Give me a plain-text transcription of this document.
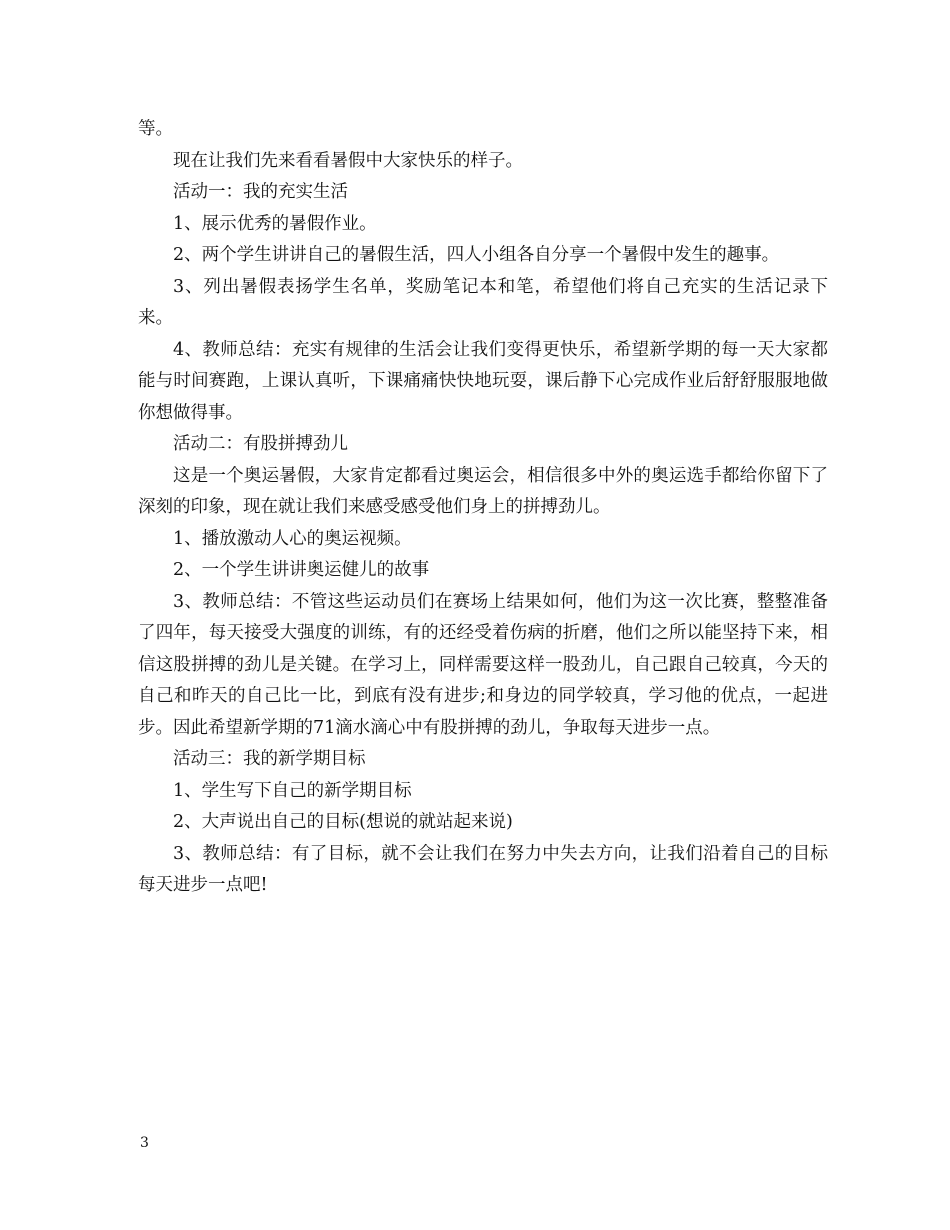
等。

现在让我们先来看看暑假中大家快乐的样子。

活动一：我的充实生活

1、展示优秀的暑假作业。

2、两个学生讲讲自己的暑假生活，四人小组各自分享一个暑假中发生的趣事。

3、列出暑假表扬学生名单，奖励笔记本和笔，希望他们将自己充实的生活记录下来。

4、教师总结：充实有规律的生活会让我们变得更快乐，希望新学期的每一天大家都能与时间赛跑，上课认真听，下课痛痛快快地玩耍，课后静下心完成作业后舒舒服服地做你想做得事。

活动二：有股拼搏劲儿

这是一个奥运暑假，大家肯定都看过奥运会，相信很多中外的奥运选手都给你留下了深刻的印象，现在就让我们来感受感受他们身上的拼搏劲儿。

1、播放激动人心的奥运视频。

2、一个学生讲讲奥运健儿的故事

3、教师总结：不管这些运动员们在赛场上结果如何，他们为这一次比赛，整整准备了四年，每天接受大强度的训练，有的还经受着伤病的折磨，他们之所以能坚持下来，相信这股拼搏的劲儿是关键。在学习上，同样需要这样一股劲儿，自己跟自己较真，今天的自己和昨天的自己比一比，到底有没有进步;和身边的同学较真，学习他的优点，一起进步。因此希望新学期的71滴水滴心中有股拼搏的劲儿，争取每天进步一点。

活动三：我的新学期目标

1、学生写下自己的新学期目标

2、大声说出自己的目标(想说的就站起来说)

3、教师总结：有了目标，就不会让我们在努力中失去方向，让我们沿着自己的目标每天进步一点吧!

3
